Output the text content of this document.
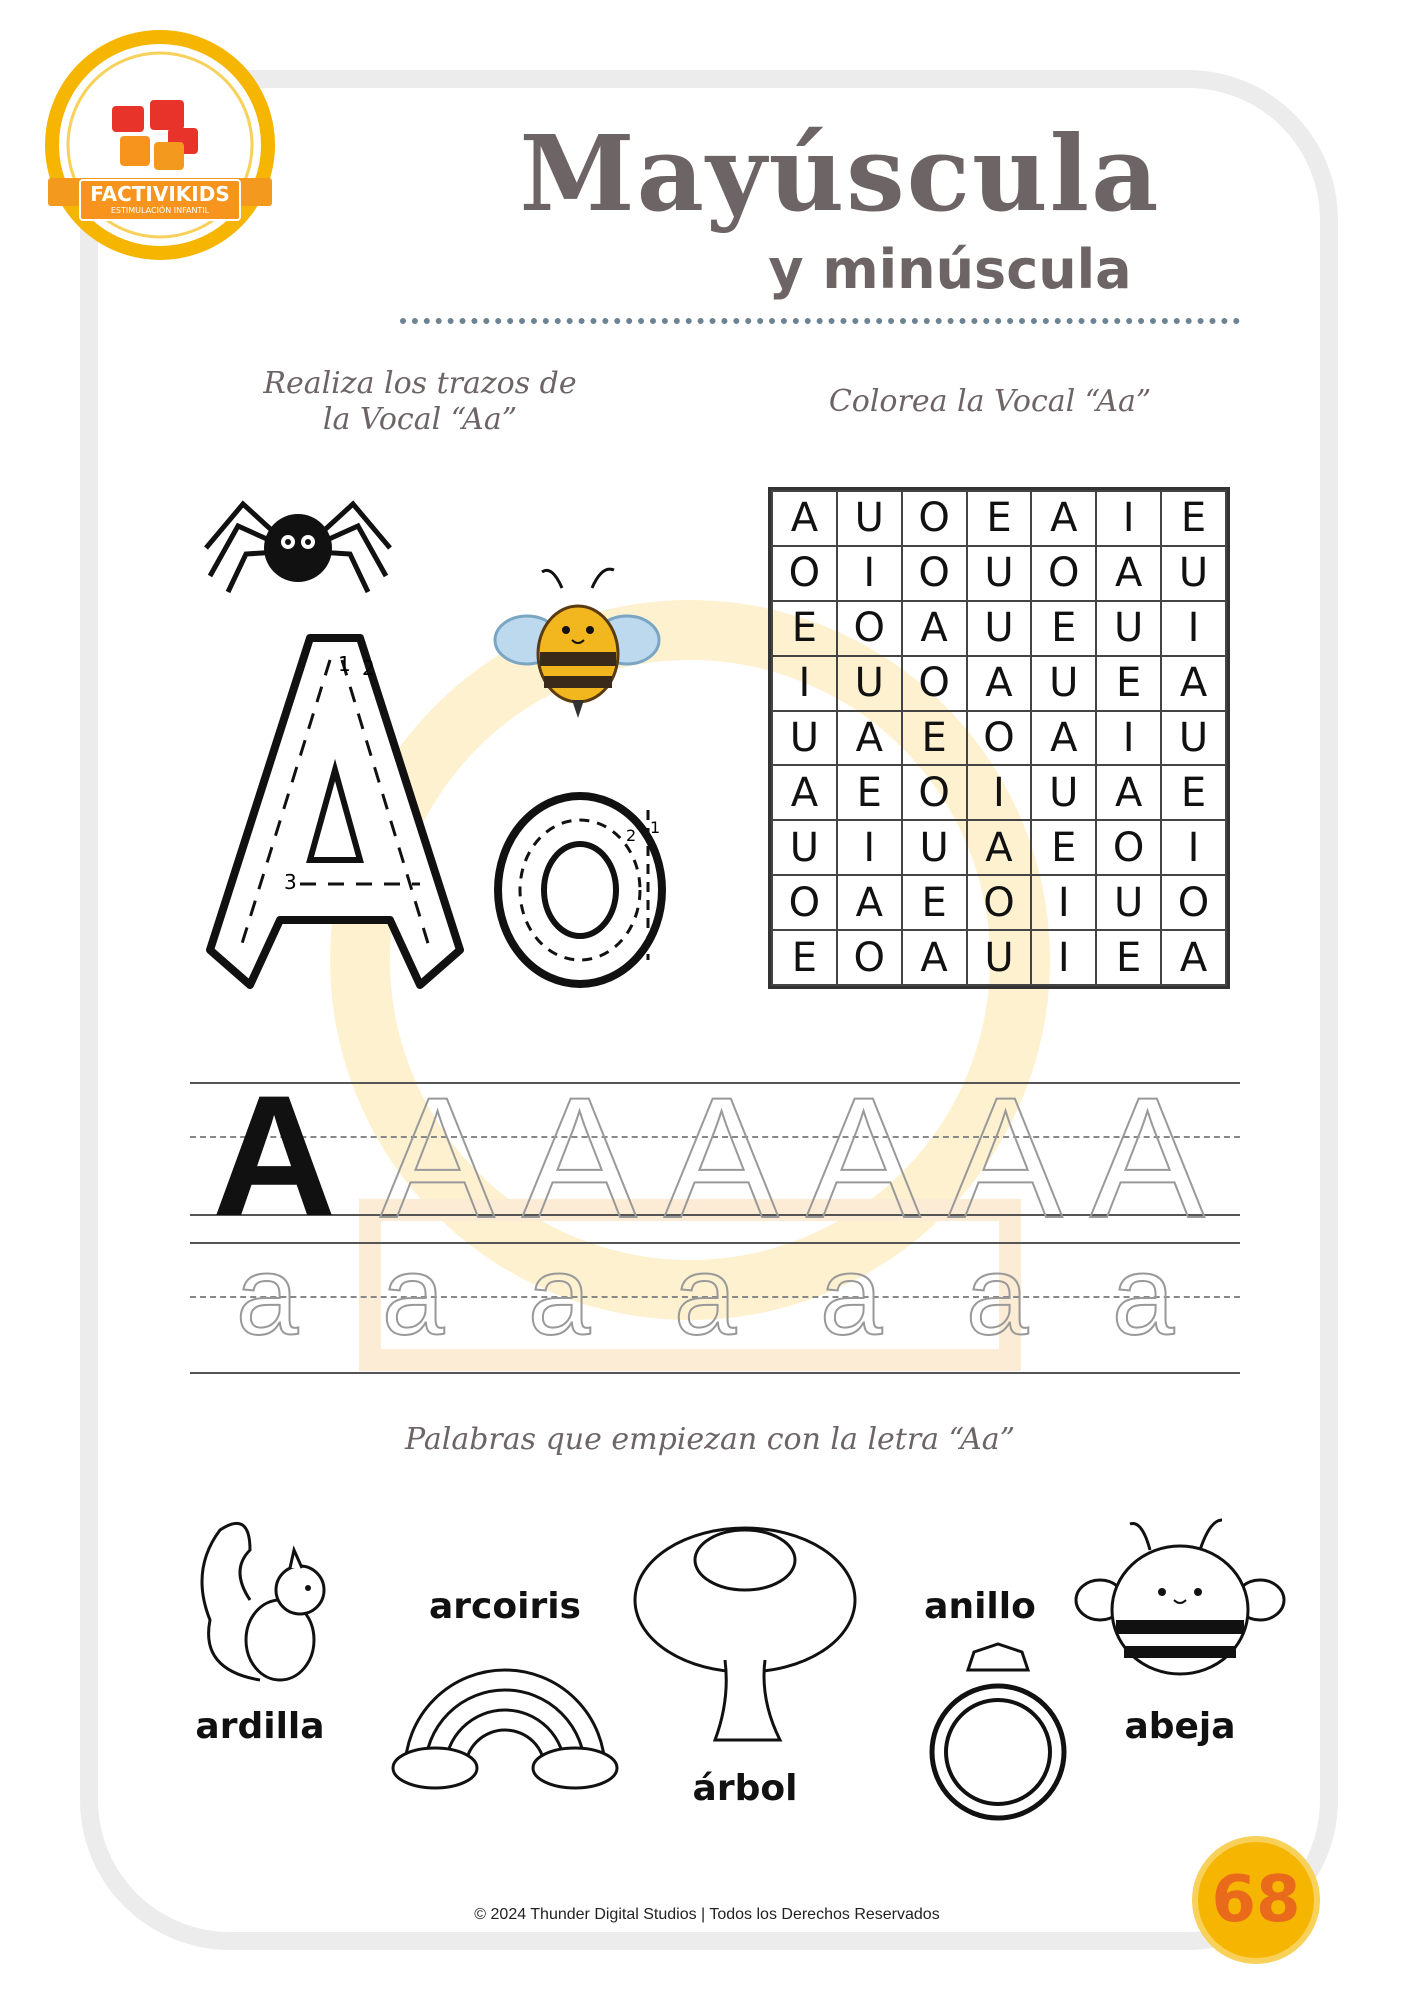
FACTIVIKIDS
ESTIMULACIÓN INFANTIL	Mayúscula
y minúscula
Realiza los trazos de
la Vocal “Aa”
Colorea la Vocal “Aa”
1 2
3
1
2
A	U	O	E	A	I	E
O	I	O	U	O	A	U
E	O	A	U	E	U	I
I	U	O	A	U	E	A
U	A	E	O	A	I	U
A	E	O	I	U	A	E
U	I	U	A	E	O	I
O	A	E	O	I	U	O
E	O	A	U	I	E	A
A A A A A A A
a a a a a a a
Palabras que empiezan con la letra “Aa”
ardilla
arcoiris
árbol
anillo
abeja
© 2024 Thunder Digital Studios | Todos los Derechos Reservados	68
